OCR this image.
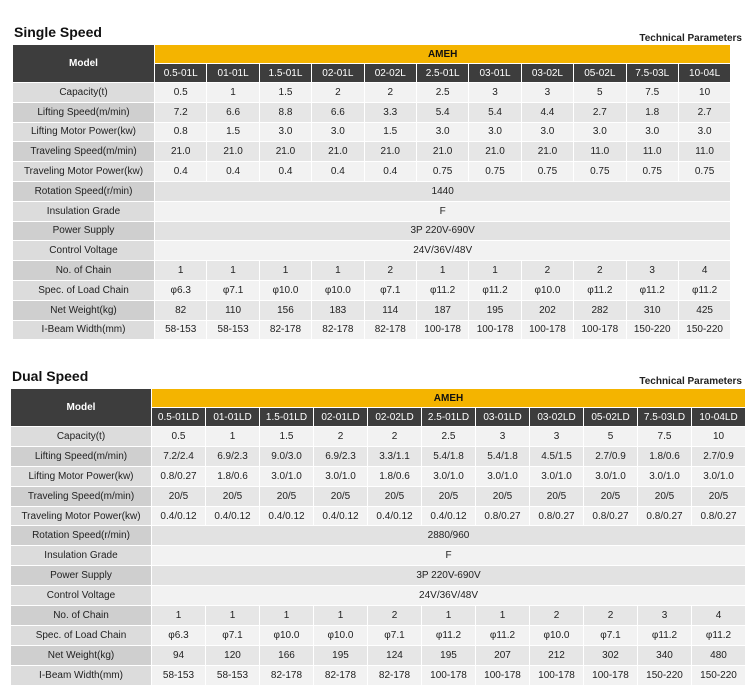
Single Speed	Technical Parameters
Model	AMEH										
	0.5-01L	01-01L	1.5-01L	02-01L	02-02L	2.5-01L	03-01L	03-02L	05-02L	7.5-03L	10-04L
Capacity(t)	0.5	1	1.5	2	2	2.5	3	3	5	7.5	10
Lifting Speed(m/min)	7.2	6.6	8.8	6.6	3.3	5.4	5.4	4.4	2.7	1.8	2.7
Lifting Motor Power(kw)	0.8	1.5	3.0	3.0	1.5	3.0	3.0	3.0	3.0	3.0	3.0
Traveling Speed(m/min)	21.0	21.0	21.0	21.0	21.0	21.0	21.0	21.0	11.0	11.0	11.0
Traveling Motor Power(kw)	0.4	0.4	0.4	0.4	0.4	0.75	0.75	0.75	0.75	0.75	0.75
Rotation Speed(r/min)	1440										
Insulation Grade	F										
Power Supply	3P 220V-690V										
Control Voltage	24V/36V/48V										
No. of Chain	1	1	1	1	2	1	1	2	2	3	4
Spec. of Load Chain	φ6.3	φ7.1	φ10.0	φ10.0	φ7.1	φ11.2	φ11.2	φ10.0	φ11.2	φ11.2	φ11.2
Net Weight(kg)	82	110	156	183	114	187	195	202	282	310	425
I-Beam Width(mm)	58-153	58-153	82-178	82-178	82-178	100-178	100-178	100-178	100-178	150-220	150-220
Dual Speed	Technical Parameters
Model	AMEH										
	0.5-01LD	01-01LD	1.5-01LD	02-01LD	02-02LD	2.5-01LD	03-01LD	03-02LD	05-02LD	7.5-03LD	10-04LD
Capacity(t)	0.5	1	1.5	2	2	2.5	3	3	5	7.5	10
Lifting Speed(m/min)	7.2/2.4	6.9/2.3	9.0/3.0	6.9/2.3	3.3/1.1	5.4/1.8	5.4/1.8	4.5/1.5	2.7/0.9	1.8/0.6	2.7/0.9
Lifting Motor Power(kw)	0.8/0.27	1.8/0.6	3.0/1.0	3.0/1.0	1.8/0.6	3.0/1.0	3.0/1.0	3.0/1.0	3.0/1.0	3.0/1.0	3.0/1.0
Traveling Speed(m/min)	20/5	20/5	20/5	20/5	20/5	20/5	20/5	20/5	20/5	20/5	20/5
Traveling Motor Power(kw)	0.4/0.12	0.4/0.12	0.4/0.12	0.4/0.12	0.4/0.12	0.4/0.12	0.8/0.27	0.8/0.27	0.8/0.27	0.8/0.27	0.8/0.27
Rotation Speed(r/min)	2880/960										
Insulation Grade	F										
Power Supply	3P 220V-690V										
Control Voltage	24V/36V/48V										
No. of Chain	1	1	1	1	2	1	1	2	2	3	4
Spec. of Load Chain	φ6.3	φ7.1	φ10.0	φ10.0	φ7.1	φ11.2	φ11.2	φ10.0	φ7.1	φ11.2	φ11.2
Net Weight(kg)	94	120	166	195	124	195	207	212	302	340	480
I-Beam Width(mm)	58-153	58-153	82-178	82-178	82-178	100-178	100-178	100-178	100-178	150-220	150-220
